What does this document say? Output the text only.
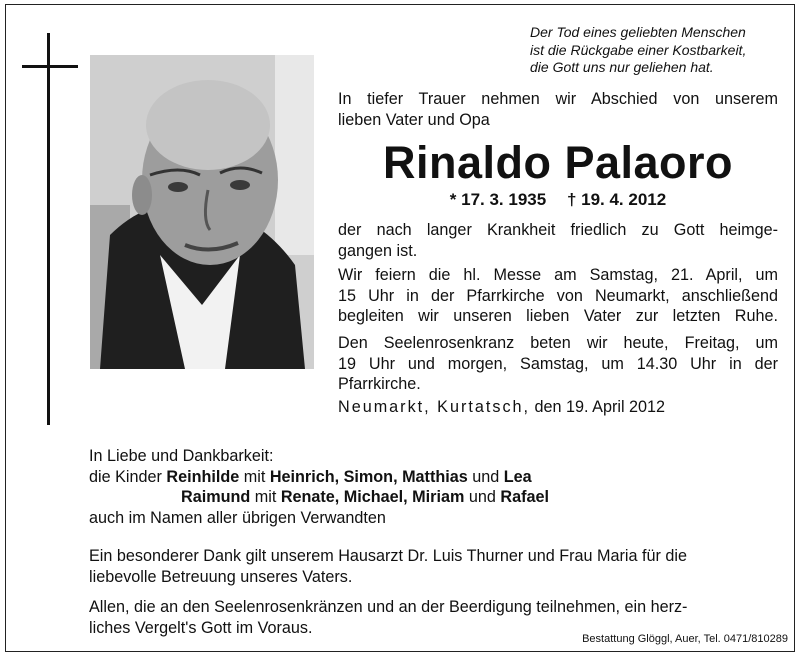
Der Tod eines geliebten Menschen
ist die Rückgabe einer Kostbarkeit,
die Gott uns nur geliehen hat.
In tiefer Trauer nehmen wir Abschied von unserem
lieben Vater und Opa
Rinaldo Palaoro
* 17. 3. 1935 † 19. 4. 2012
der nach langer Krankheit friedlich zu Gott heimge-
gangen ist.
Wir feiern die hl. Messe am Samstag, 21. April, um
15 Uhr in der Pfarrkirche von Neumarkt, anschließend
begleiten wir unseren lieben Vater zur letzten Ruhe.
Den Seelenrosenkranz beten wir heute, Freitag, um
19 Uhr und morgen, Samstag, um 14.30 Uhr in der
Pfarrkirche.
Neumarkt, Kurtatsch, den 19. April 2012
In Liebe und Dankbarkeit:
die Kinder Reinhilde mit Heinrich, Simon, Matthias und Lea
Raimund mit Renate, Michael, Miriam und Rafael
auch im Namen aller übrigen Verwandten
Ein besonderer Dank gilt unserem Hausarzt Dr. Luis Thurner und Frau Maria für die
liebevolle Betreuung unseres Vaters.
Allen, die an den Seelenrosenkränzen und an der Beerdigung teilnehmen, ein herz-
liches Vergelt's Gott im Voraus.
Bestattung Glöggl, Auer, Tel. 0471/810289
